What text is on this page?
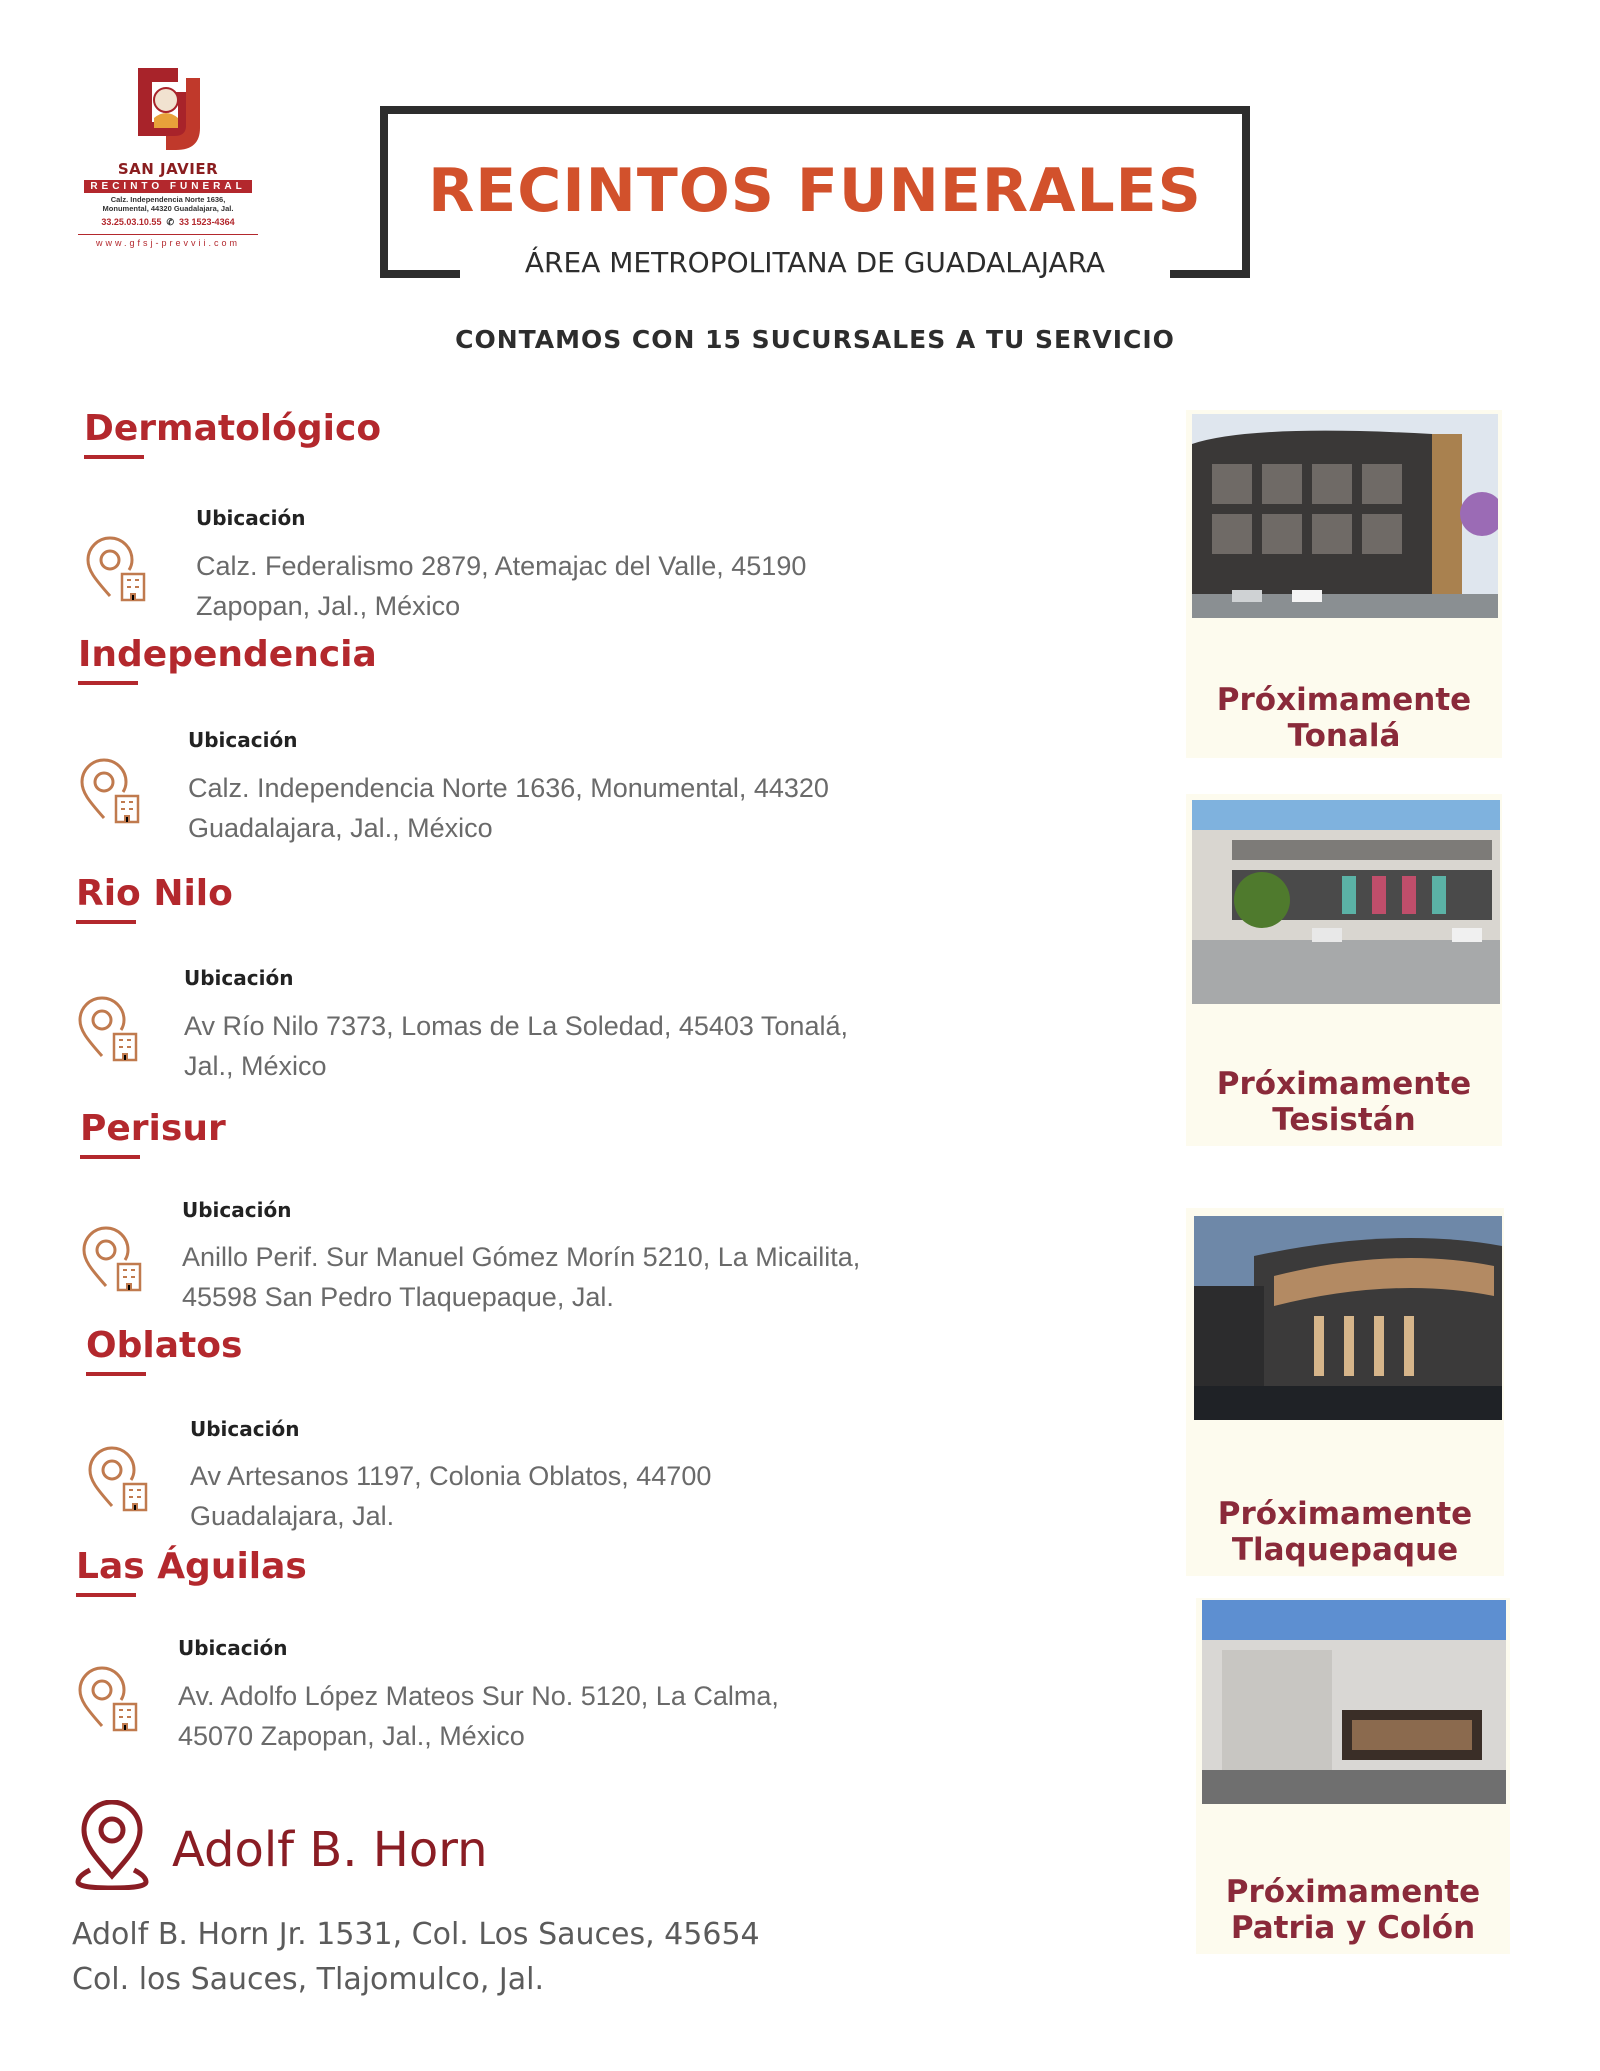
SAN JAVIER
RECINTO FUNERAL
Calz. Independencia Norte 1636,
Monumental, 44320 Guadalajara, Jal.
33.25.03.10.55  ✆  33 1523-4364
www.gfsj-prevvii.com
RECINTOS FUNERALES
ÁREA METROPOLITANA DE GUADALAJARA
CONTAMOS CON 15 SUCURSALES A TU SERVICIO
Dermatológico
Ubicación
Calz. Federalismo 2879, Atemajac del Valle, 45190 Zapopan, Jal., México
Independencia
Ubicación
Calz. Independencia Norte 1636, Monumental, 44320 Guadalajara, Jal., México
Rio Nilo
Ubicación
Av Río Nilo 7373, Lomas de La Soledad, 45403 Tonalá, Jal., México
Perisur
Ubicación
Anillo Perif. Sur Manuel Gómez Morín 5210, La Micailita, 45598 San Pedro Tlaquepaque, Jal.
Oblatos
Ubicación
Av Artesanos 1197, Colonia Oblatos, 44700 Guadalajara, Jal.
Las Águilas
Ubicación
Av. Adolfo López Mateos Sur No. 5120, La Calma, 45070 Zapopan, Jal., México
Adolf B. Horn
Adolf B. Horn Jr. 1531, Col. Los Sauces, 45654
Col. los Sauces, Tlajomulco, Jal.
Próximamente
Tonalá
Próximamente
Tesistán
Próximamente
Tlaquepaque
Próximamente
Patria y Colón
